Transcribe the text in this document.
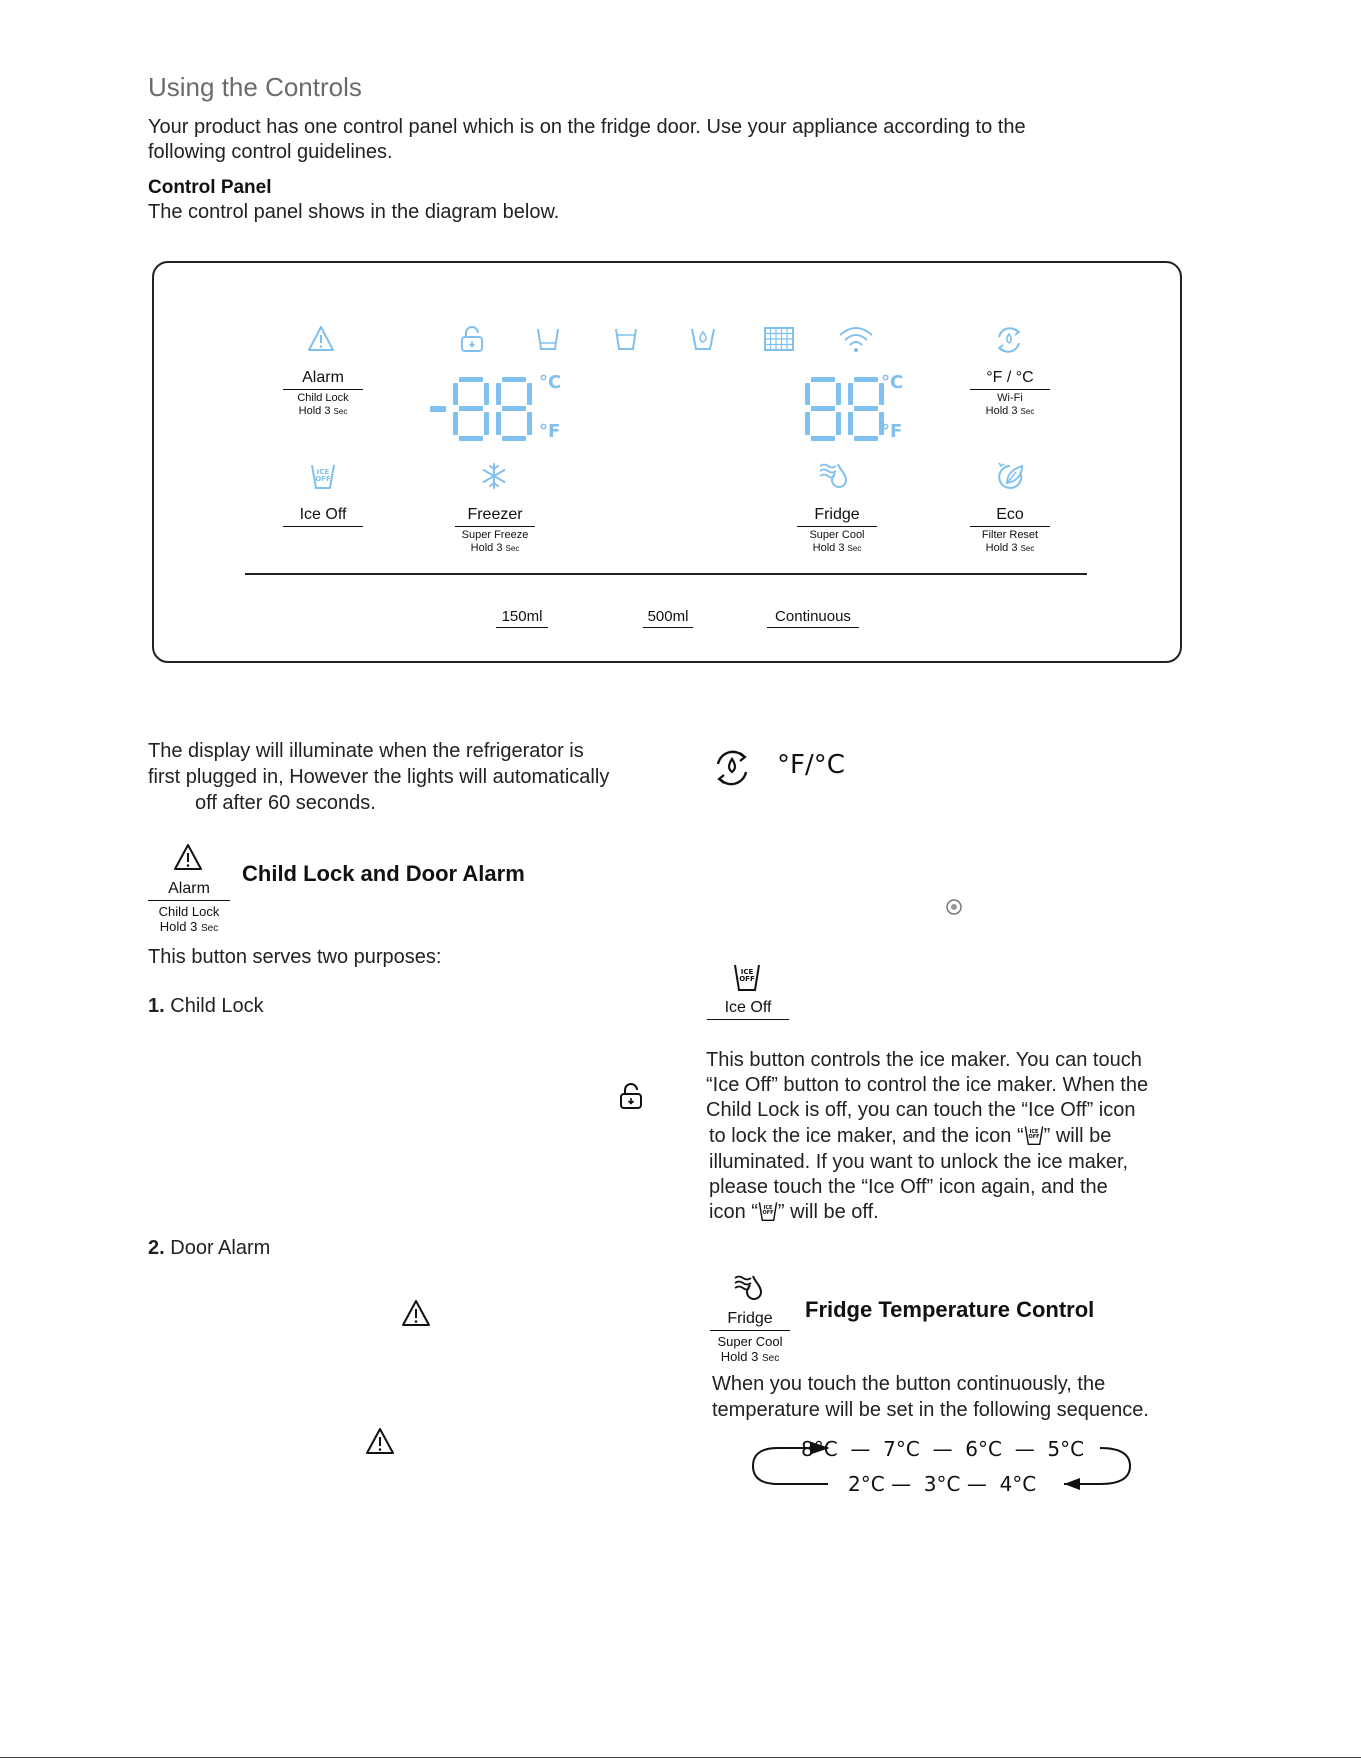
Using the Controls
Your product has one control panel which is on the fridge door. Use your appliance according to the
following control guidelines.
Control Panel
The control panel shows in the diagram below.
Alarm
Child Lock
Hold 3 Sec
°C
°F
°C
°F
°F / °C
Wi-Fi
Hold 3 Sec
ICE
OFF
Ice Off	Freezer
Super Freeze
Hold 3 Sec
Fridge
Super Cool
Hold 3 Sec
Eco
Filter Reset
Hold 3 Sec
150ml	500ml	Continuous
The display will illuminate when the refrigerator is
first plugged in, However the lights will automatically
off after 60 seconds.
Alarm
Child Lock
Hold 3 Sec
Child Lock and Door Alarm
This button serves two purposes:
1. Child Lock
2. Door Alarm
°F/°C
ICE
OFF
Ice Off
This button controls the ice maker. You can touch
“Ice Off” button to control the ice maker. When the
Child Lock is off, you can touch the “Ice Off” icon
to lock the ice maker, and the icon “ ICE
OFF ” will be
illuminated. If you want to unlock the ice maker,
please touch the “Ice Off” icon again, and the
icon “ ICE
OFF ” will be off.
Fridge
Super Cool
Hold 3 Sec
Fridge Temperature Control
When you touch the button continuously, the
temperature will be set in the following sequence.
8°C — 7°C — 6°C — 5°C
2°C — 3°C — 4°C
